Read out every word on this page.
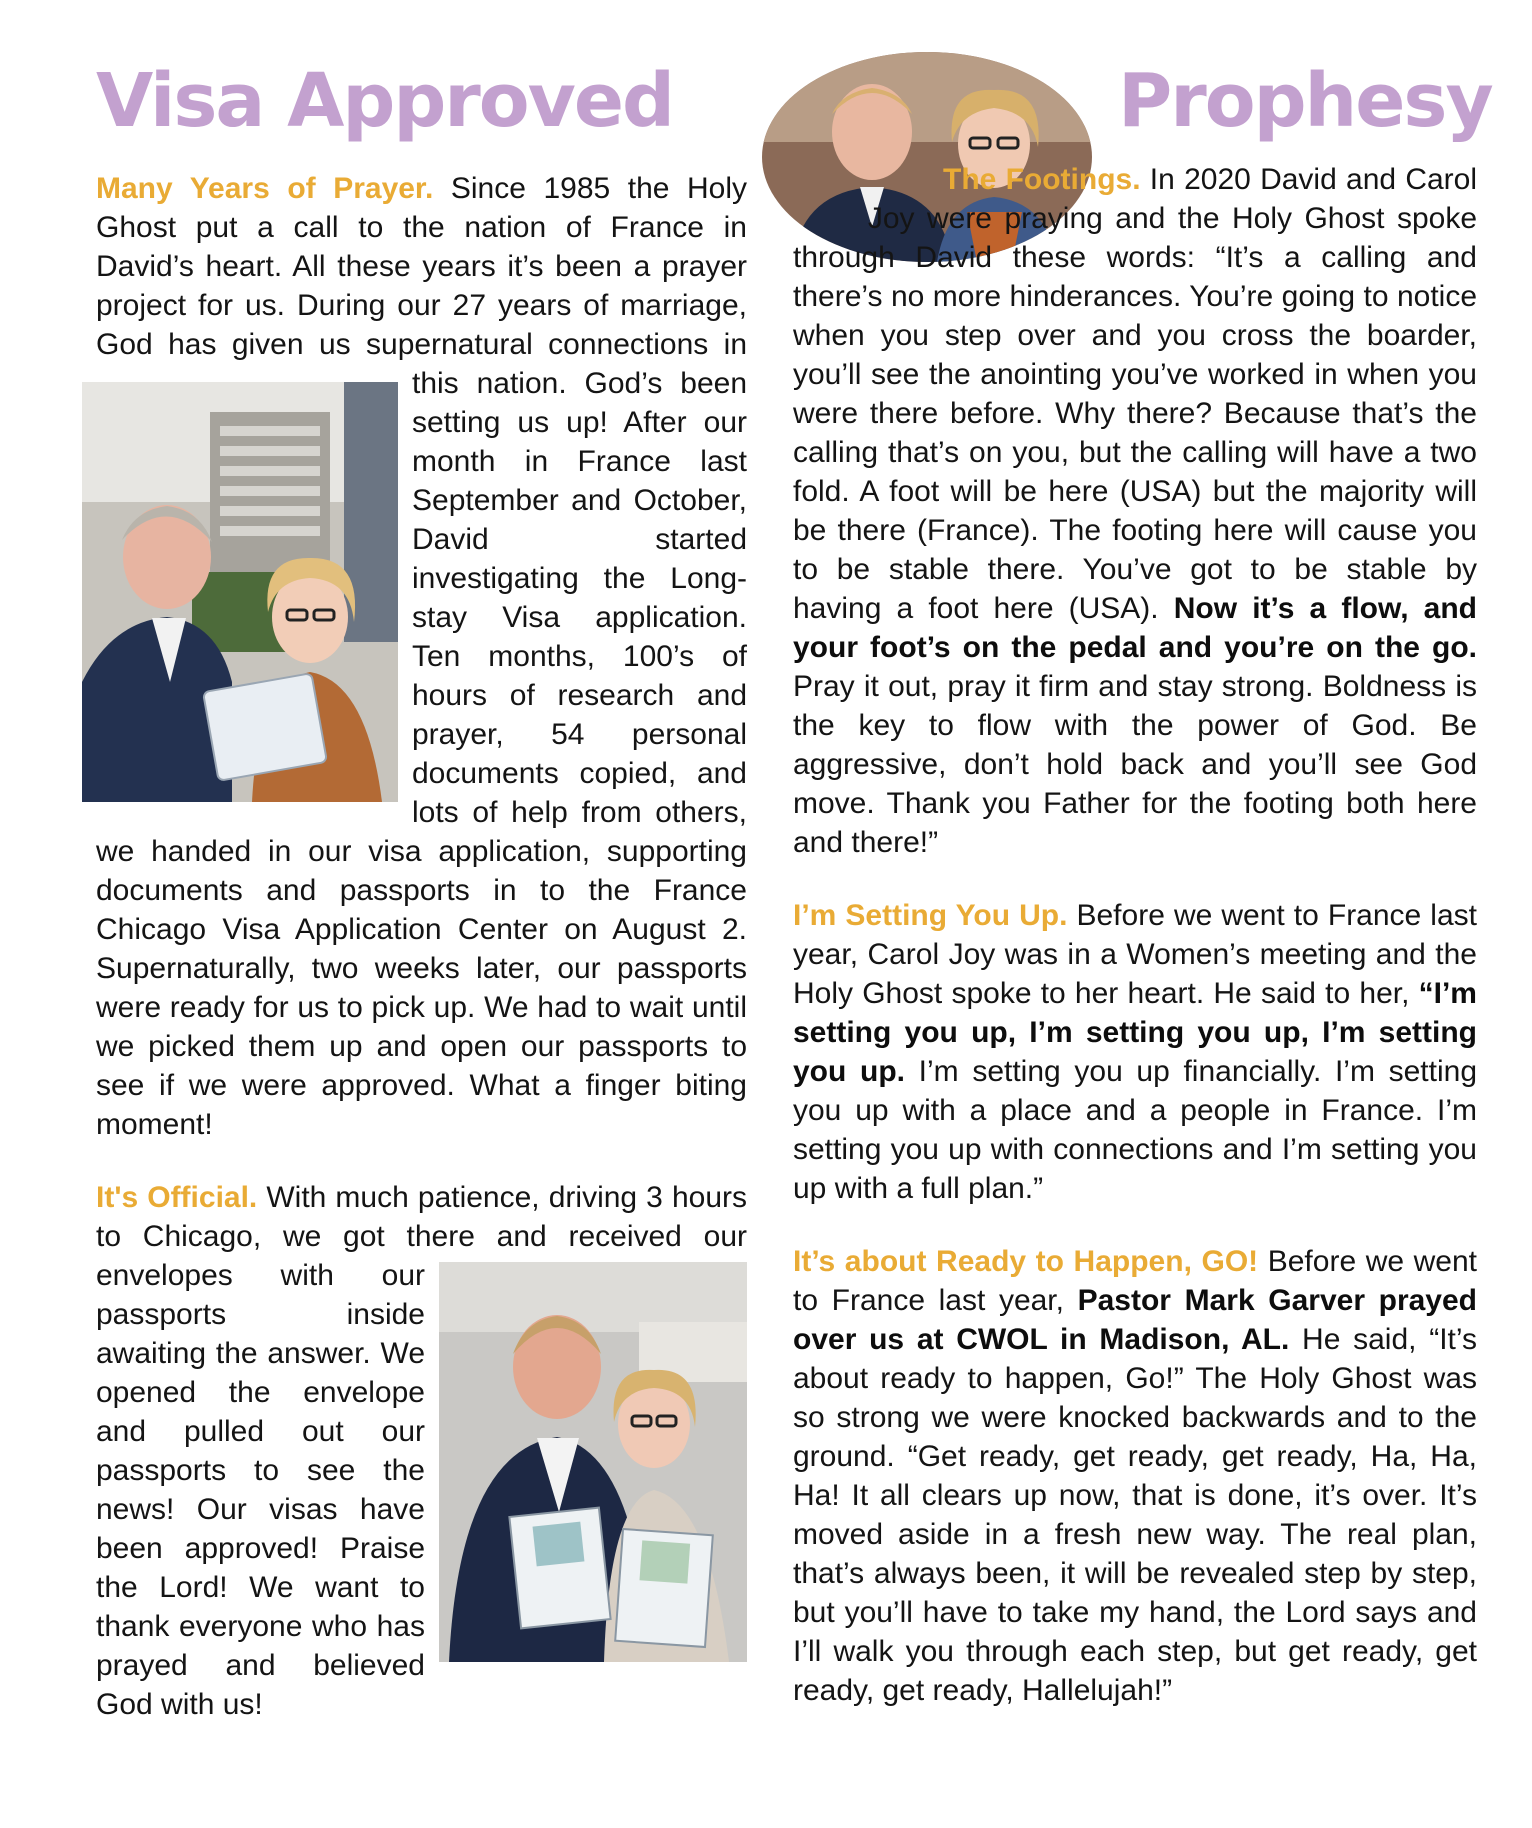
Visa Approved	Prophesy

Many Years of Prayer. Since 1985 the Holy Ghost put a call to the nation of France in David’s heart. All these years it’s been a prayer project for us. During our 27 years of marriage, God has given us supernatural connections in
this nation. God’s been setting us up! After our month in France last September and October, David started investigating the Long-stay Visa application. Ten months, 100’s of hours of research and prayer, 54 personal documents copied, and lots of help from others, we handed in our visa application, supporting documents and passports in to the France Chicago Visa Application Center on August 2. Supernaturally, two weeks later, our passports were ready for us to pick up. We had to wait until we picked them up and open our passports to see if we were approved. What a finger biting moment!

It's Official. With much patience, driving 3 hours to Chicago, we got there and received
our envelopes with our passports inside awaiting the answer. We opened the envelope and pulled out our passports to see the news! Our visas have been approved! Praise the Lord! We want to thank everyone who has prayed and believed God with us!

The Footings. In 2020 David and Carol Joy were praying and the Holy Ghost spoke through David these words: “It’s a calling and there’s no more hinderances. You’re going to notice when you step over and you cross the boarder, you’ll see the anointing you’ve worked in when you were there before. Why there? Because that’s the calling that’s on you, but the calling will have a two fold. A foot will be here (USA) but the majority will be there (France). The footing here will cause you to be stable there. You’ve got to be stable by having a foot here (USA). Now it’s a flow, and your foot’s on the pedal and you’re on the go. Pray it out, pray it firm and stay strong. Boldness is the key to flow with the power of God. Be aggressive, don’t hold back and you’ll see God move. Thank you Father for the footing both here and there!”

I’m Setting You Up. Before we went to France last year, Carol Joy was in a Women’s meeting and the Holy Ghost spoke to her heart. He said to her, “I’m setting you up, I’m setting you up, I’m setting you up. I’m setting you up financially. I’m setting you up with a place and a people in France. I’m setting you up with connections and I’m setting you up with a full plan.”

It’s about Ready to Happen, GO! Before we went to France last year, Pastor Mark Garver prayed over us at CWOL in Madison, AL. He said, “It’s about ready to happen, Go!” The Holy Ghost was so strong we were knocked backwards and to the ground. “Get ready, get ready, get ready, Ha, Ha, Ha! It all clears up now, that is done, it’s over. It’s moved aside in a fresh new way. The real plan, that’s always been, it will be revealed step by step, but you’ll have to take my hand, the Lord says and I’ll walk you through each step, but get ready, get ready, get ready, Hallelujah!”
